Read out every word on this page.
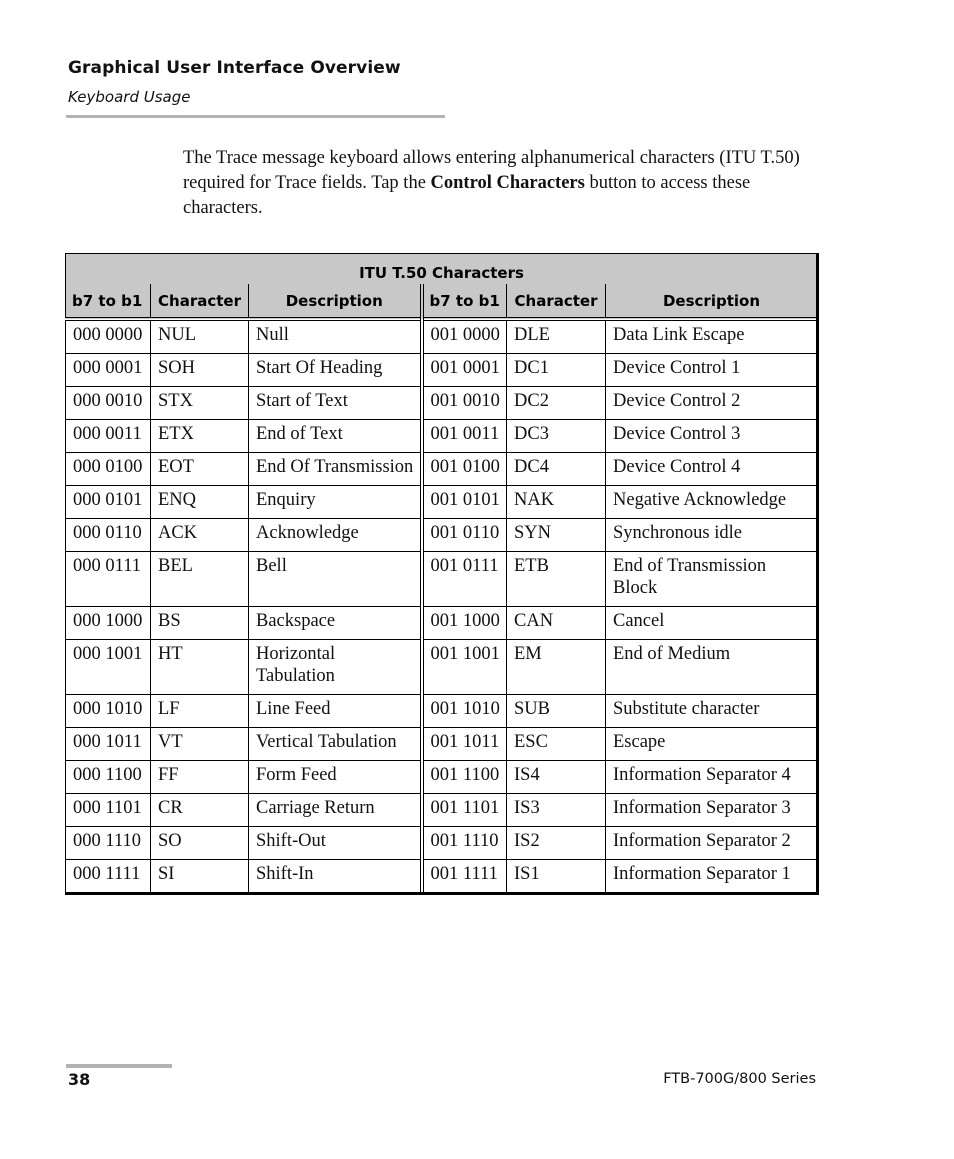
Graphical User Interface Overview
Keyboard Usage

The Trace message keyboard allows entering alphanumerical characters (ITU T.50) required for Trace fields. Tap the Control Characters button to access these characters.

ITU T.50 Characters					
b7 to b1	Character	Description	b7 to b1	Character	Description
000 0000	NUL	Null	001 0000	DLE	Data Link Escape
000 0001	SOH	Start Of Heading	001 0001	DC1	Device Control 1
000 0010	STX	Start of Text	001 0010	DC2	Device Control 2
000 0011	ETX	End of Text	001 0011	DC3	Device Control 3
000 0100	EOT	End Of Transmission	001 0100	DC4	Device Control 4
000 0101	ENQ	Enquiry	001 0101	NAK	Negative Acknowledge
000 0110	ACK	Acknowledge	001 0110	SYN	Synchronous idle
000 0111	BEL	Bell	001 0111	ETB	End of Transmission Block
000 1000	BS	Backspace	001 1000	CAN	Cancel
000 1001	HT	Horizontal Tabulation	001 1001	EM	End of Medium
000 1010	LF	Line Feed	001 1010	SUB	Substitute character
000 1011	VT	Vertical Tabulation	001 1011	ESC	Escape
000 1100	FF	Form Feed	001 1100	IS4	Information Separator 4
000 1101	CR	Carriage Return	001 1101	IS3	Information Separator 3
000 1110	SO	Shift-Out	001 1110	IS2	Information Separator 2
000 1111	SI	Shift-In	001 1111	IS1	Information Separator 1
38	FTB-700G/800 Series
